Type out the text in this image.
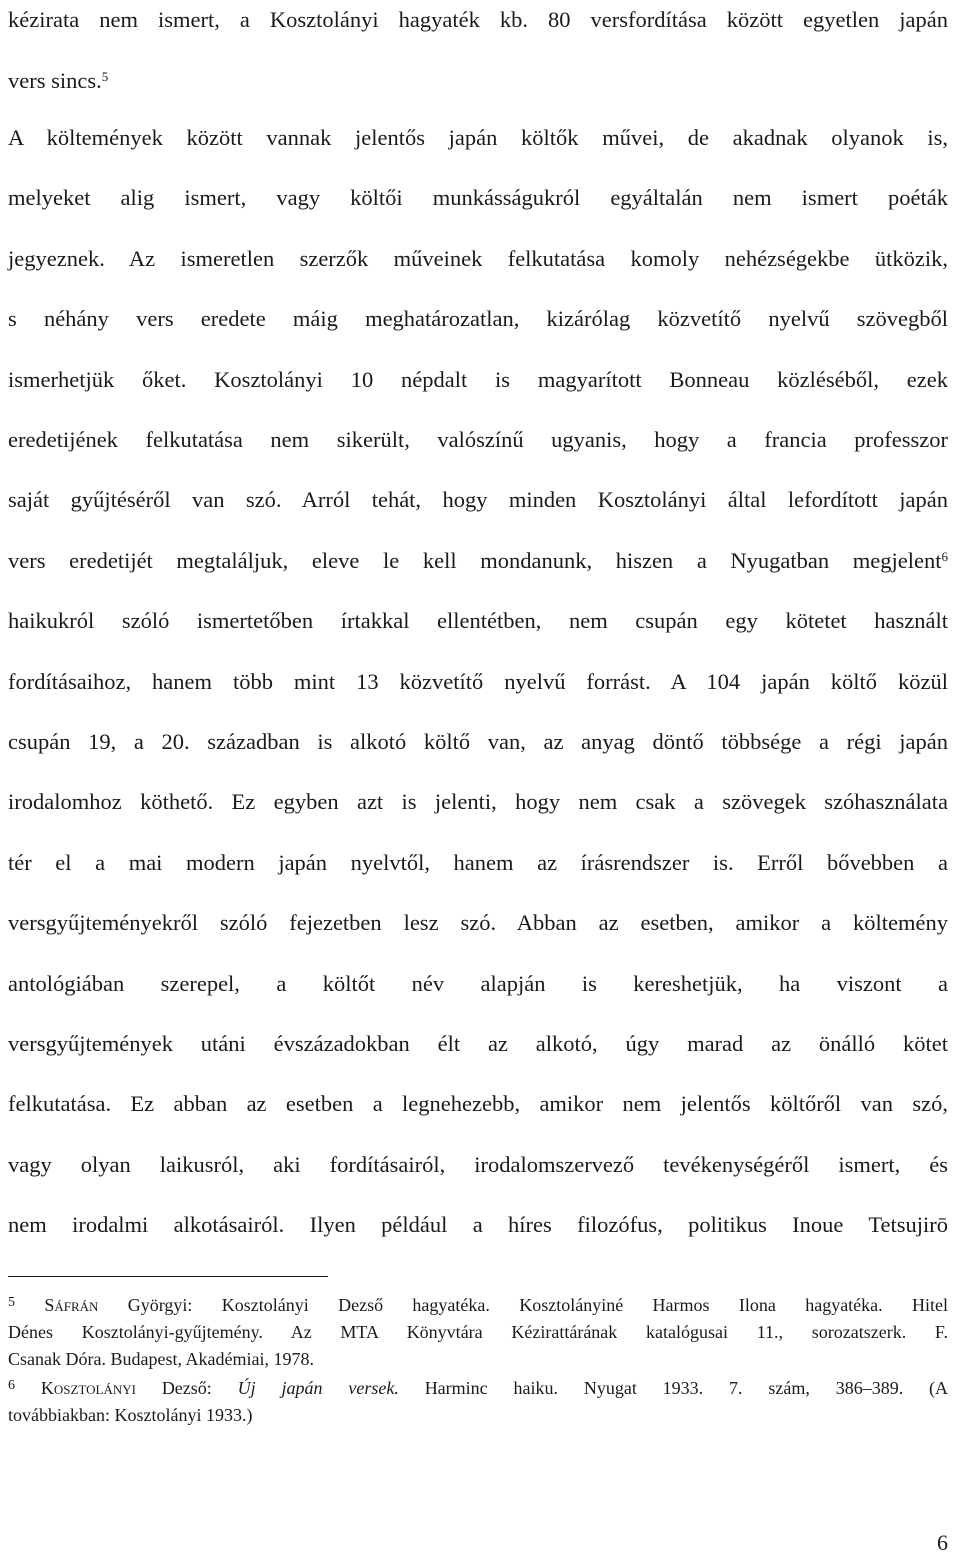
kézirata nem ismert, a Kosztolányi hagyaték kb. 80 versfordítása között egyetlen japán
vers sincs.$^5$
A költemények között vannak jelentős japán költők művei, de akadnak olyanok is,
melyeket alig ismert, vagy költői munkásságukról egyáltalán nem ismert poéták
jegyeznek. Az ismeretlen szerzők műveinek felkutatása komoly nehézségekbe ütközik,
s néhány vers eredete máig meghatározatlan, kizárólag közvetítő nyelvű szövegből
ismerhetjük őket. Kosztolányi 10 népdalt is magyarított Bonneau közléséből, ezek
eredetijének felkutatása nem sikerült, valószínű ugyanis, hogy a francia professzor
saját gyűjtéséről van szó. Arról tehát, hogy minden Kosztolányi által lefordított japán
vers eredetijét megtaláljuk, eleve le kell mondanunk, hiszen a Nyugatban megjelent$^6$
haikukról szóló ismertetőben írtakkal ellentétben, nem csupán egy kötetet használt
fordításaihoz, hanem több mint 13 közvetítő nyelvű forrást. A 104 japán költő közül
csupán 19, a 20. században is alkotó költő van, az anyag döntő többsége a régi japán
irodalomhoz köthető. Ez egyben azt is jelenti, hogy nem csak a szövegek szóhasználata
tér el a mai modern japán nyelvtől, hanem az írásrendszer is. Erről bővebben a
versgyűjteményekről szóló fejezetben lesz szó. Abban az esetben, amikor a költemény
antológiában szerepel, a költőt név alapján is kereshetjük, ha viszont a
versgyűjtemények utáni évszázadokban élt az alkotó, úgy marad az önálló kötet
felkutatása. Ez abban az esetben a legnehezebb, amikor nem jelentős költőről van szó,
vagy olyan laikusról, aki fordításairól, irodalomszervező tevékenységéről ismert, és
nem irodalmi alkotásairól. Ilyen például a híres filozófus, politikus Inoue Tetsujirō
$^5$ Sáfrán Györgyi: Kosztolányi Dezső hagyatéka. Kosztolányiné Harmos Ilona hagyatéka. Hitel
Dénes Kosztolányi-gyűjtemény. Az MTA Könyvtára Kézirattárának katalógusai 11., sorozatszerk. F.
Csanak Dóra. Budapest, Akadémiai, 1978.
$^6$ Kosztolányi Dezső: Új japán versek. Harminc haiku. Nyugat 1933. 7. szám, 386–389. (A
továbbiakban: Kosztolányi 1933.)
6
